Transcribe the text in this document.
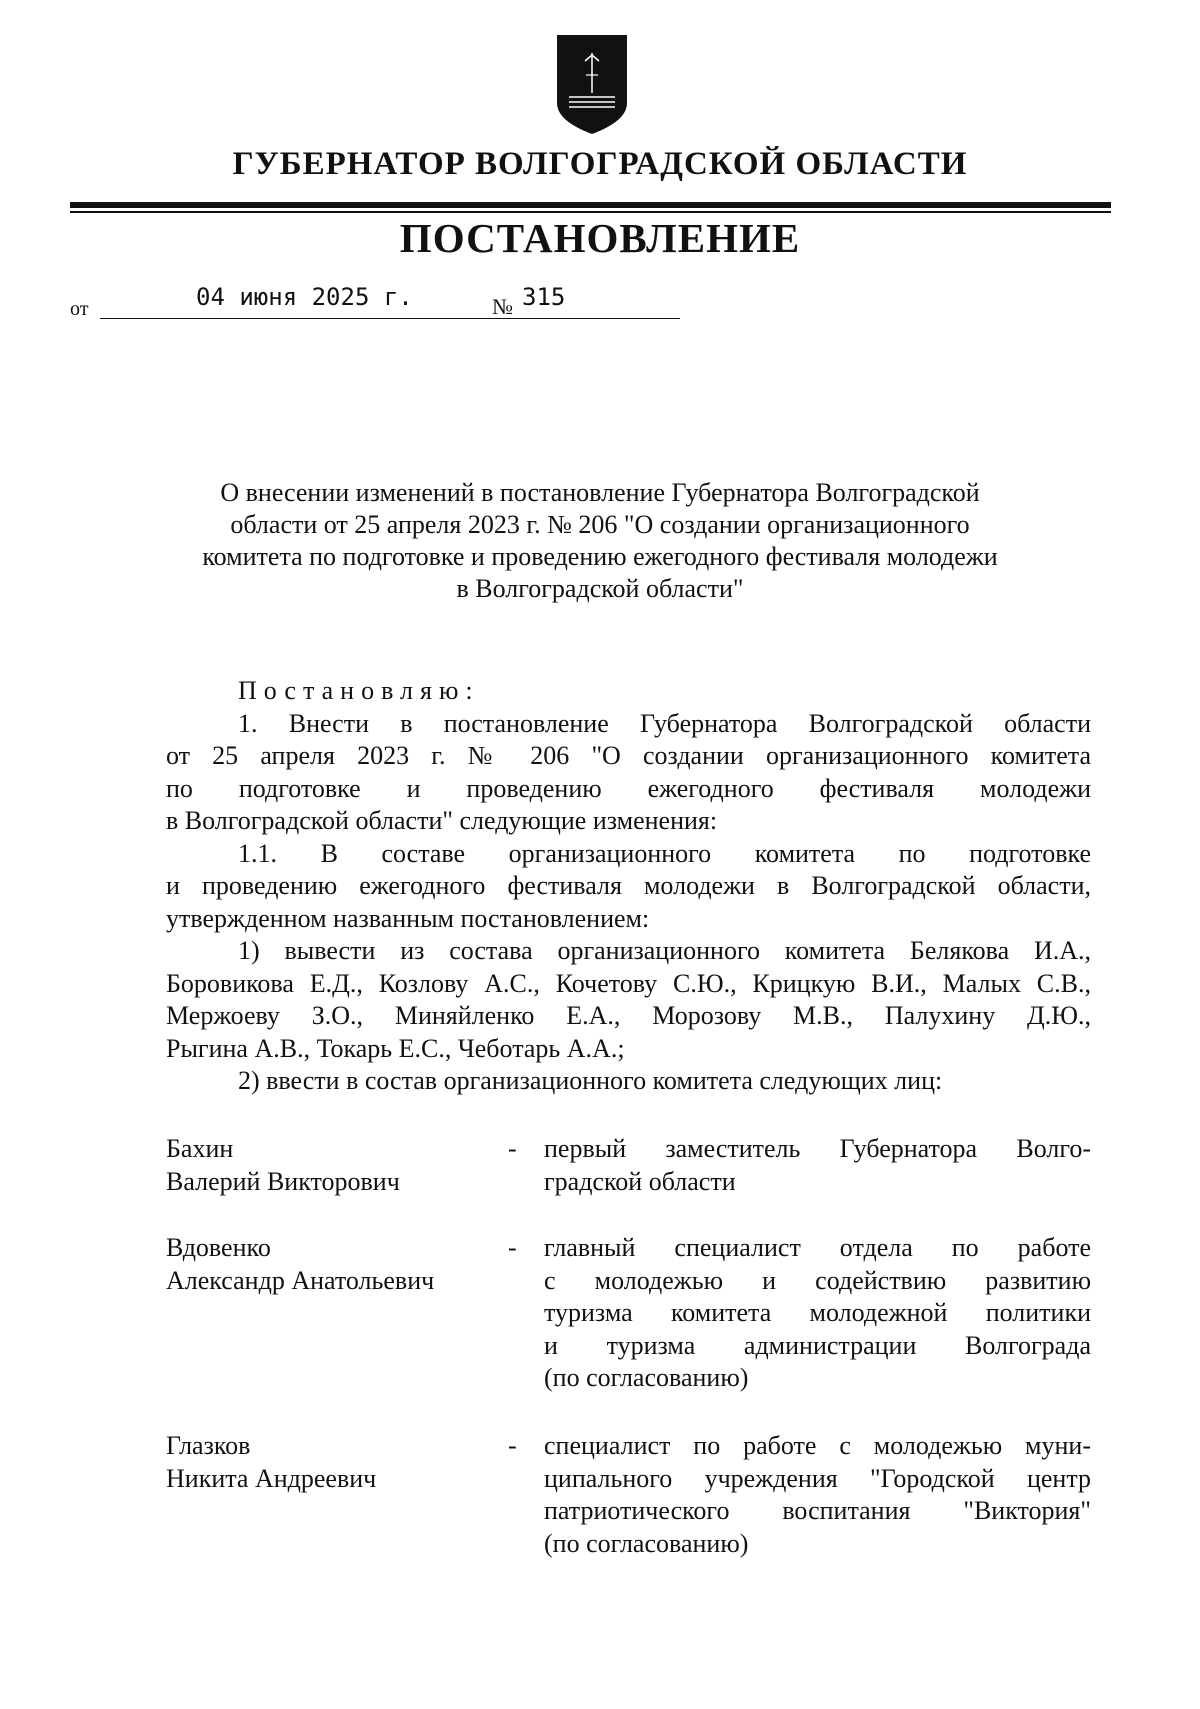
ГУБЕРНАТОР ВОЛГОГРАДСКОЙ ОБЛАСТИ
ПОСТАНОВЛЕНИЕ
от	04 июня 2025 г.	№ 315
О внесении изменений в постановление Губернатора Волгоградской
области от 25 апреля 2023 г. № 206 "О создании организационного
комитета по подготовке и проведению ежегодного фестиваля молодежи
в Волгоградской области"

Постановляю:

1. Внести в постановление Губернатора Волгоградской области

от 25 апреля 2023 г. № 206 "О создании организационного комитета

по подготовке и проведению ежегодного фестиваля молодежи

в Волгоградской области" следующие изменения:

1.1. В составе организационного комитета по подготовке

и проведению ежегодного фестиваля молодежи в Волгоградской области,

утвержденном названным постановлением:

1) вывести из состава организационного комитета Белякова И.А.,

Боровикова Е.Д., Козлову А.С., Кочетову С.Ю., Крицкую В.И., Малых С.В.,

Мержоеву З.О., Миняйленко Е.А., Морозову М.В., Палухину Д.Ю.,

Рыгина А.В., Токарь Е.С., Чеботарь А.А.;

2) ввести в состав организационного комитета следующих лиц:

Бахин
Валерий Викторович
- первый заместитель Губернатора Волго-
градской области
Вдовенко
Александр Анатольевич
- главный специалист отдела по работе
с молодежью и содействию развитию
туризма комитета молодежной политики
и туризма администрации Волгограда
(по согласованию)
Глазков
Никита Андреевич
- специалист по работе с молодежью муни-
ципального учреждения "Городской центр
патриотического воспитания "Виктория"
(по согласованию)
